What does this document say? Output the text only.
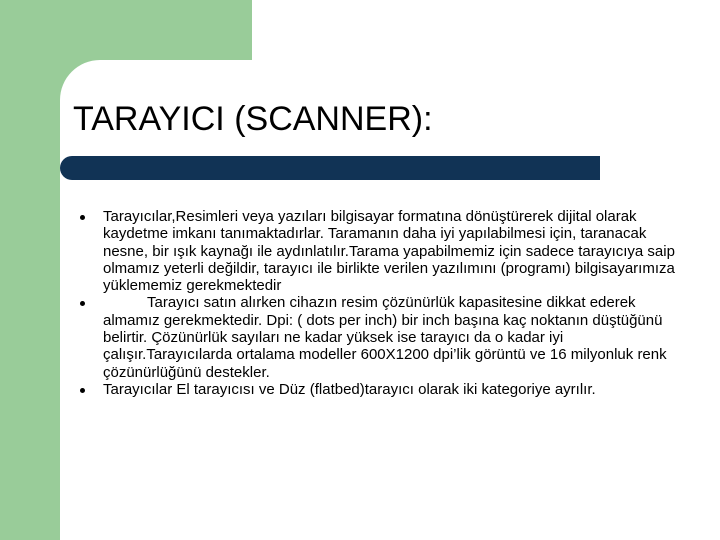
TARAYICI (SCANNER):
Tarayıcılar,Resimleri veya yazıları bilgisayar formatına dönüştürerek dijital olarak kaydetme imkanı tanımaktadırlar. Taramanın daha iyi yapılabilmesi için, taranacak nesne, bir ışık kaynağı ile aydınlatılır.Tarama yapabilmemiz için sadece tarayıcıya saip olmamız yeterli değildir, tarayıcı ile birlikte verilen yazılımını (programı) bilgisayarımıza yüklememiz gerekmektedir
Tarayıcı satın alırken cihazın resim çözünürlük kapasitesine dikkat ederek almamız gerekmektedir. Dpi: ( dots per inch) bir inch başına kaç noktanın düştüğünü belirtir. Çözünürlük sayıları ne kadar yüksek ise tarayıcı da o kadar iyi çalışır.Tarayıcılarda ortalama modeller 600X1200 dpi’lik görüntü ve 16 milyonluk renk çözünürlüğünü destekler.
Tarayıcılar El tarayıcısı ve Düz (flatbed)tarayıcı olarak iki kategoriye ayrılır.
